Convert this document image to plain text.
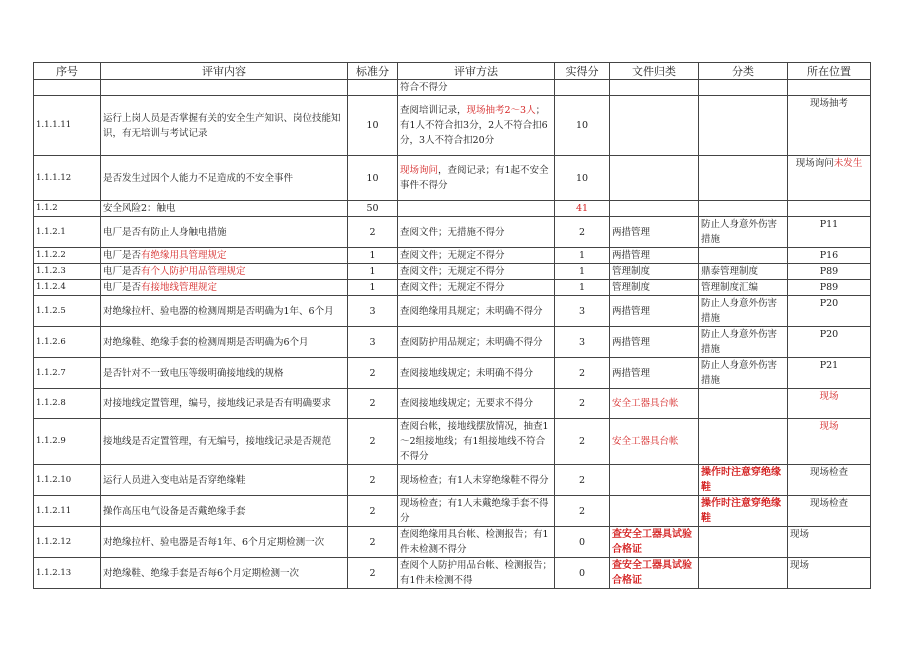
序号	评审内容	标准分	评审方法	实得分	文件归类	分类	所在位置
			符合不得分				
1.1.1.11	运行上岗人员是否掌握有关的安全生产知识、岗位技能知识，有无培训与考试记录	10	查阅培训记录，现场抽考2～3人；有1人不符合扣3分，2人不符合扣6分，3人不符合扣20分	10			现场抽考
1.1.1.12	是否发生过因个人能力不足造成的不安全事件	10	现场询问，查阅记录；有1起不安全事件不得分	10			现场询问未发生
1.1.2	安全风险2：触电	50		41			
1.1.2.1	电厂是否有防止人身触电措施	2	查阅文件；无措施不得分	2	两措管理	防止人身意外伤害措施	P11
1.1.2.2	电厂是否有绝缘用具管理规定	1	查阅文件；无规定不得分	1	两措管理		P16
1.1.2.3	电厂是否有个人防护用品管理规定	1	查阅文件；无规定不得分	1	管理制度	鼎泰管理制度	P89
1.1.2.4	电厂是否有接地线管理规定	1	查阅文件；无规定不得分	1	管理制度	管理制度汇编	P89
1.1.2.5	对绝缘拉杆、验电器的检测周期是否明确为1年、6个月	3	查阅绝缘用具规定；未明确不得分	3	两措管理	防止人身意外伤害措施	P20
1.1.2.6	对绝缘鞋、绝缘手套的检测周期是否明确为6个月	3	查阅防护用品规定；未明确不得分	3	两措管理	防止人身意外伤害措施	P20
1.1.2.7	是否针对不一致电压等级明确接地线的规格	2	查阅接地线规定；未明确不得分	2	两措管理	防止人身意外伤害措施	P21
1.1.2.8	对接地线定置管理，编号，接地线记录是否有明确要求	2	查阅接地线规定；无要求不得分	2	安全工器具台帐		现场
1.1.2.9	接地线是否定置管理，有无编号，接地线记录是否规范	2	查阅台帐，接地线摆放情况，抽查1～2组接地线；有1组接地线不符合不得分	2	安全工器具台帐		现场
1.1.2.10	运行人员进入变电站是否穿绝缘鞋	2	现场检查；有1人未穿绝缘鞋不得分	2		操作时注意穿绝缘鞋	现场检查
1.1.2.11	操作高压电气设备是否戴绝缘手套	2	现场检查；有1人未戴绝缘手套不得分	2		操作时注意穿绝缘鞋	现场检查
1.1.2.12	对绝缘拉杆、验电器是否每1年、6个月定期检测一次	2	查阅绝缘用具台帐、检测报告；有1件未检测不得分	0	查安全工器具试验合格证		现场
1.1.2.13	对绝缘鞋、绝缘手套是否每6个月定期检测一次	2	查阅个人防护用品台帐、检测报告；有1件未检测不得	0	查安全工器具试验合格证		现场
